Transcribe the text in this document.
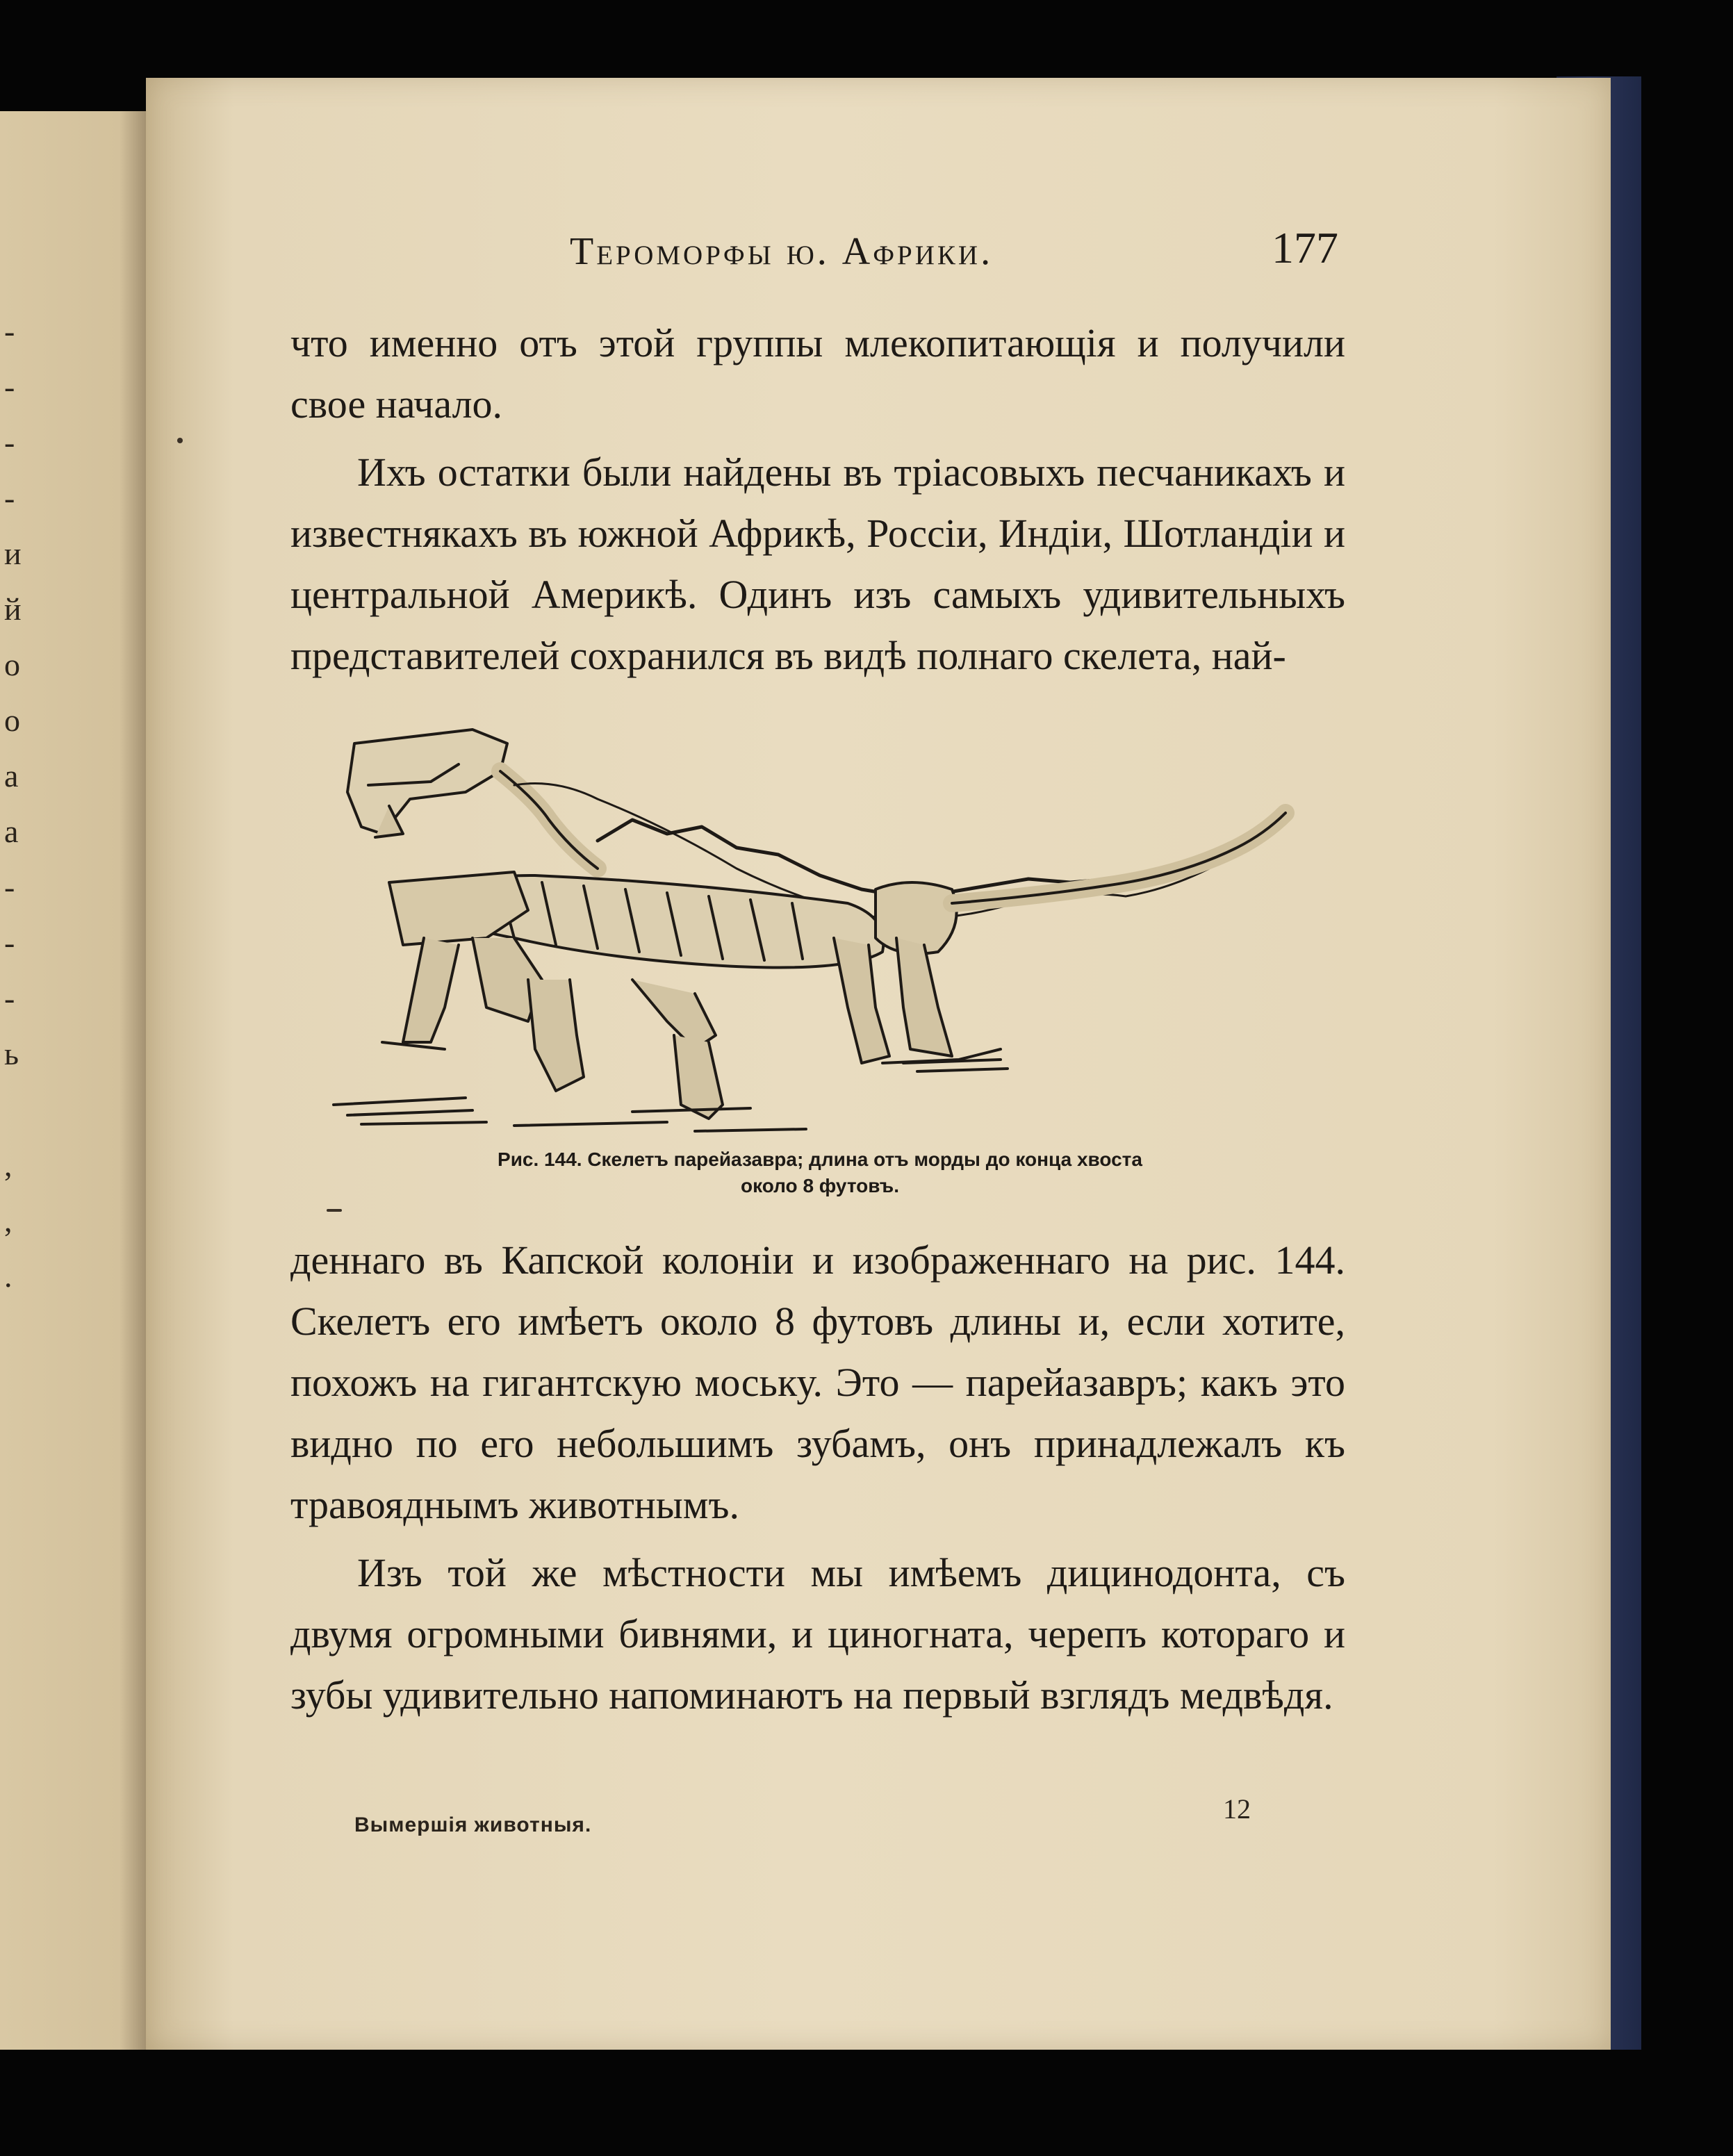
-
-
-
-
и
й
о
о
а
а
-
-
-
ь
,
,
.
Теромορфы ю. Африки.	177

что именно отъ этой группы млекопитающія и получили свое начало.

Ихъ остатки были найдены въ тріасовыхъ песчаникахъ и известнякахъ въ южной Африкѣ, Россіи, Индіи, Шотландіи и центральной Америкѣ. Одинъ изъ самыхъ удивительныхъ представителей сохранился въ видѣ полнаго скелета, най-

Рис. 144. Скелетъ парейазавра; длина отъ морды до конца хвоста
около 8 футовъ.

деннаго въ Капской колоніи и изображеннаго на рис. 144. Скелетъ его имѣетъ около 8 футовъ длины и, если хотите, похожъ на гигантскую моську. Это — парейазавръ; какъ это видно по его небольшимъ зубамъ, онъ принадлежалъ къ травояднымъ животнымъ.

Изъ той же мѣстности мы имѣемъ дицинодонта, съ двумя огромными бивнями, и циногната, черепъ котораго и зубы удивительно напоминаютъ на первый взглядъ медвѣдя.

Вымершія животныя.
12
